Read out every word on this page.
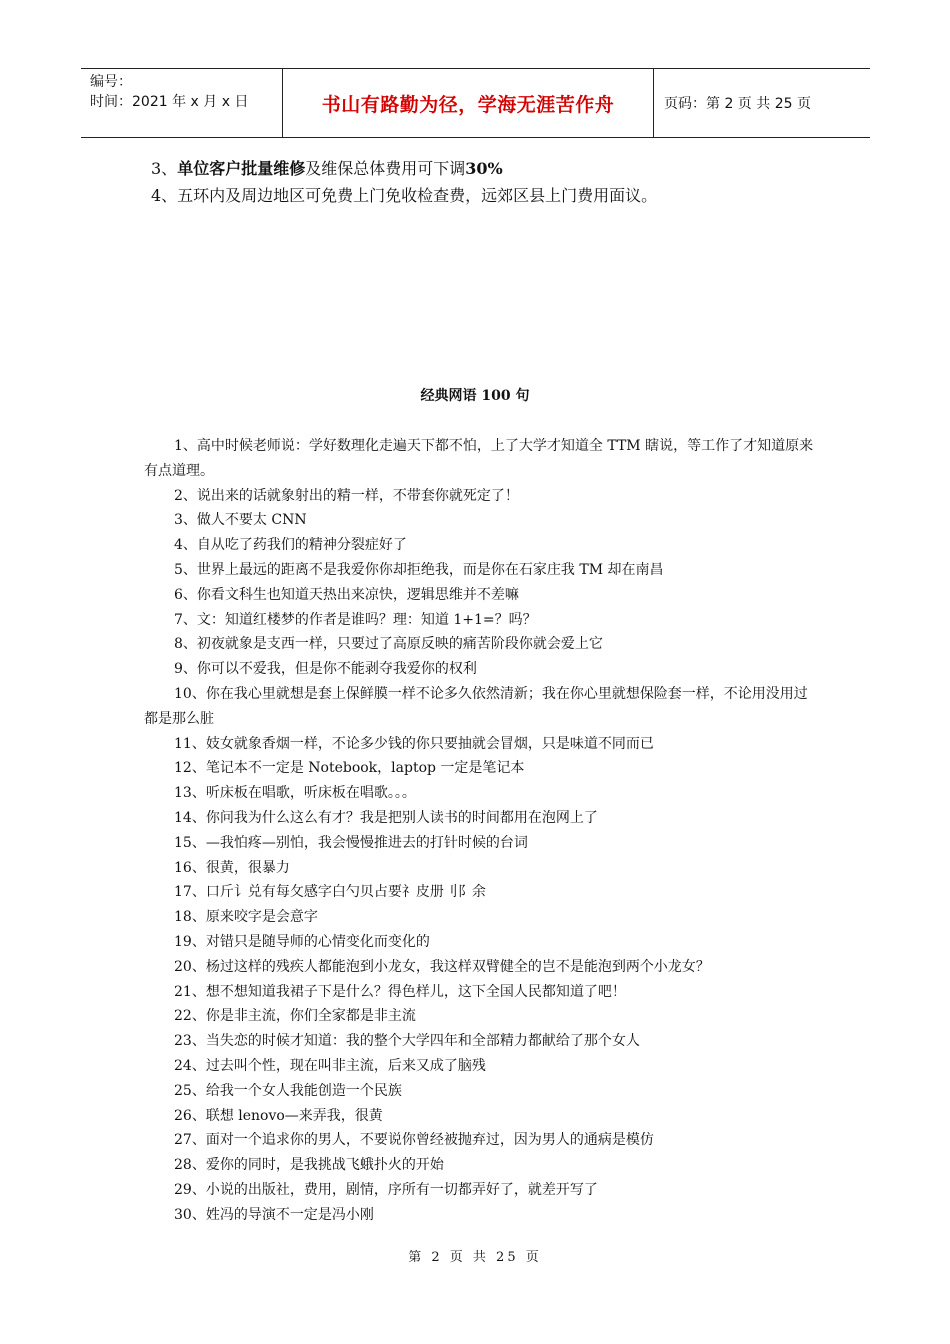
编号：
时间：2021 年 x 月 x 日	书山有路勤为径，学海无涯苦作舟	页码：第 2 页 共 25 页
3、单位客户批量维修及维保总体费用可下调30%
4、五环内及周边地区可免费上门免收检查费，远郊区县上门费用面议。
经典网语 100 句

1、高中时候老师说：学好数理化走遍天下都不怕，上了大学才知道全 TTM 瞎说，等工作了才知道原来有点道理。

2、说出来的话就象射出的精一样，不带套你就死定了！

3、做人不要太 CNN

4、自从吃了药我们的精神分裂症好了

5、世界上最远的距离不是我爱你你却拒绝我，而是你在石家庄我 TM 却在南昌

6、你看文科生也知道天热出来凉快，逻辑思维并不差嘛

7、文：知道红楼梦的作者是谁吗？理：知道 1+1=？吗？

8、初夜就象是支西一样，只要过了高原反映的痛苦阶段你就会爱上它

9、你可以不爱我，但是你不能剥夺我爱你的权利

10、你在我心里就想是套上保鲜膜一样不论多久依然清新；我在你心里就想保险套一样，不论用没用过都是那么脏

11、妓女就象香烟一样，不论多少钱的你只要抽就会冒烟，只是味道不同而已

12、笔记本不一定是 Notebook，laptop 一定是笔记本

13、听床板在唱歌，听床板在唱歌。。。

14、你问我为什么这么有才？我是把别人读书的时间都用在泡网上了

15、—我怕疼—别怕，我会慢慢推进去的打针时候的台词

16、很黄，很暴力

17、口斤讠兑有每攵感字白勺贝占要礻皮册刂阝余

18、原来咬字是会意字

19、对错只是随导师的心情变化而变化的

20、杨过这样的残疾人都能泡到小龙女，我这样双臂健全的岂不是能泡到两个小龙女？

21、想不想知道我裙子下是什么？得色样儿，这下全国人民都知道了吧！

22、你是非主流，你们全家都是非主流

23、当失恋的时候才知道：我的整个大学四年和全部精力都献给了那个女人

24、过去叫个性，现在叫非主流，后来又成了脑残

25、给我一个女人我能创造一个民族

26、联想 lenovo—来弄我，很黄

27、面对一个追求你的男人，不要说你曾经被抛弃过，因为男人的通病是模仿

28、爱你的同时，是我挑战飞蛾扑火的开始

29、小说的出版社，费用，剧情，序所有一切都弄好了，就差开写了

30、姓冯的导演不一定是冯小刚

第 2 页 共 25 页
